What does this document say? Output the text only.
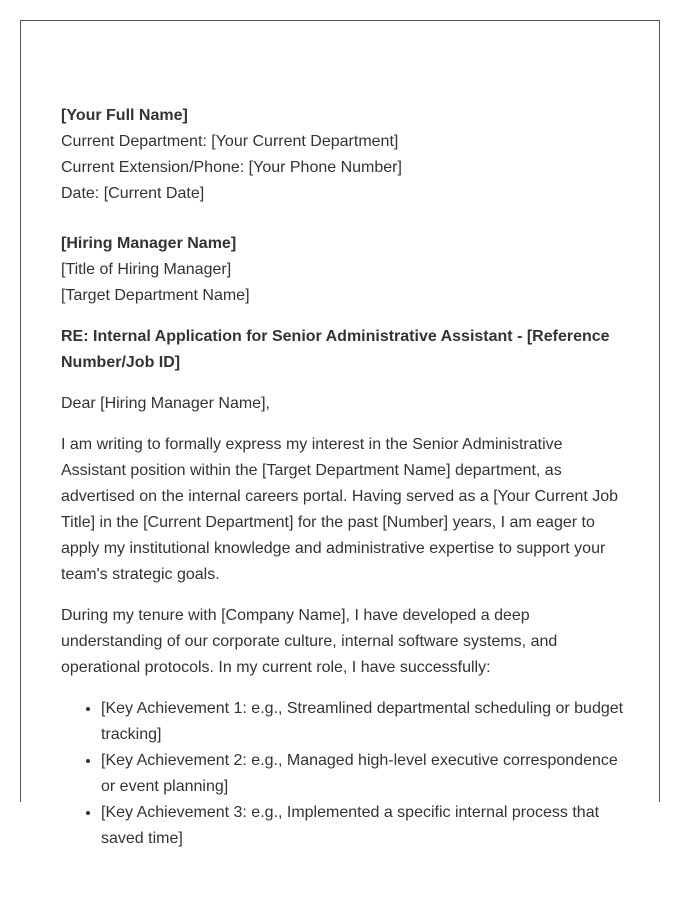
[Your Full Name]

Current Department: [Your Current Department]

Current Extension/Phone: [Your Phone Number]

Date: [Current Date]

[Hiring Manager Name]

[Title of Hiring Manager]

[Target Department Name]

RE: Internal Application for Senior Administrative Assistant - [Reference Number/Job ID]

Dear [Hiring Manager Name],

I am writing to formally express my interest in the Senior Administrative Assistant position within the [Target Department Name] department, as advertised on the internal careers portal. Having served as a [Your Current Job Title] in the [Current Department] for the past [Number] years, I am eager to apply my institutional knowledge and administrative expertise to support your team's strategic goals.

During my tenure with [Company Name], I have developed a deep understanding of our corporate culture, internal software systems, and operational protocols. In my current role, I have successfully:

• [Key Achievement 1: e.g., Streamlined departmental scheduling or budget tracking]
• [Key Achievement 2: e.g., Managed high-level executive correspondence or event planning]
• [Key Achievement 3: e.g., Implemented a specific internal process that saved time]
